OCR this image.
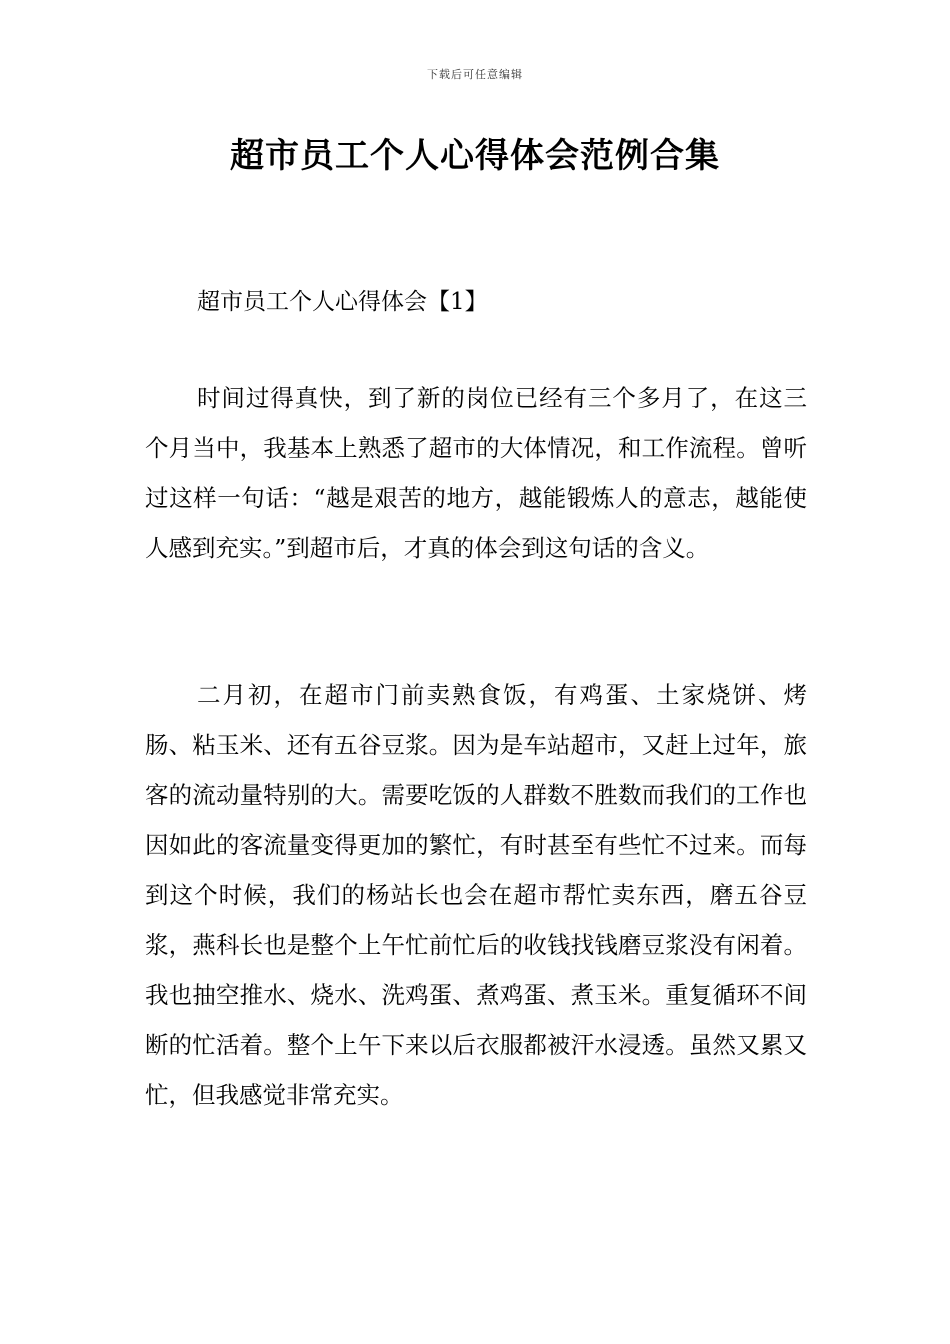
下载后可任意编辑
超市员工个人心得体会范例合集
超市员工个人心得体会【1】

时间过得真快，到了新的岗位已经有三个多月了，在这三个月当中，我基本上熟悉了超市的大体情况，和工作流程。曾听过这样一句话：“越是艰苦的地方，越能锻炼人的意志，越能使人感到充实。”到超市后，才真的体会到这句话的含义。

二月初，在超市门前卖熟食饭，有鸡蛋、土家烧饼、烤肠、粘玉米、还有五谷豆浆。因为是车站超市，又赶上过年，旅客的流动量特别的大。需要吃饭的人群数不胜数而我们的工作也因如此的客流量变得更加的繁忙，有时甚至有些忙不过来。而每到这个时候，我们的杨站长也会在超市帮忙卖东西，磨五谷豆浆，燕科长也是整个上午忙前忙后的收钱找钱磨豆浆没有闲着。我也抽空推水、烧水、洗鸡蛋、煮鸡蛋、煮玉米。重复循环不间断的忙活着。整个上午下来以后衣服都被汗水浸透。虽然又累又忙，但我感觉非常充实。
